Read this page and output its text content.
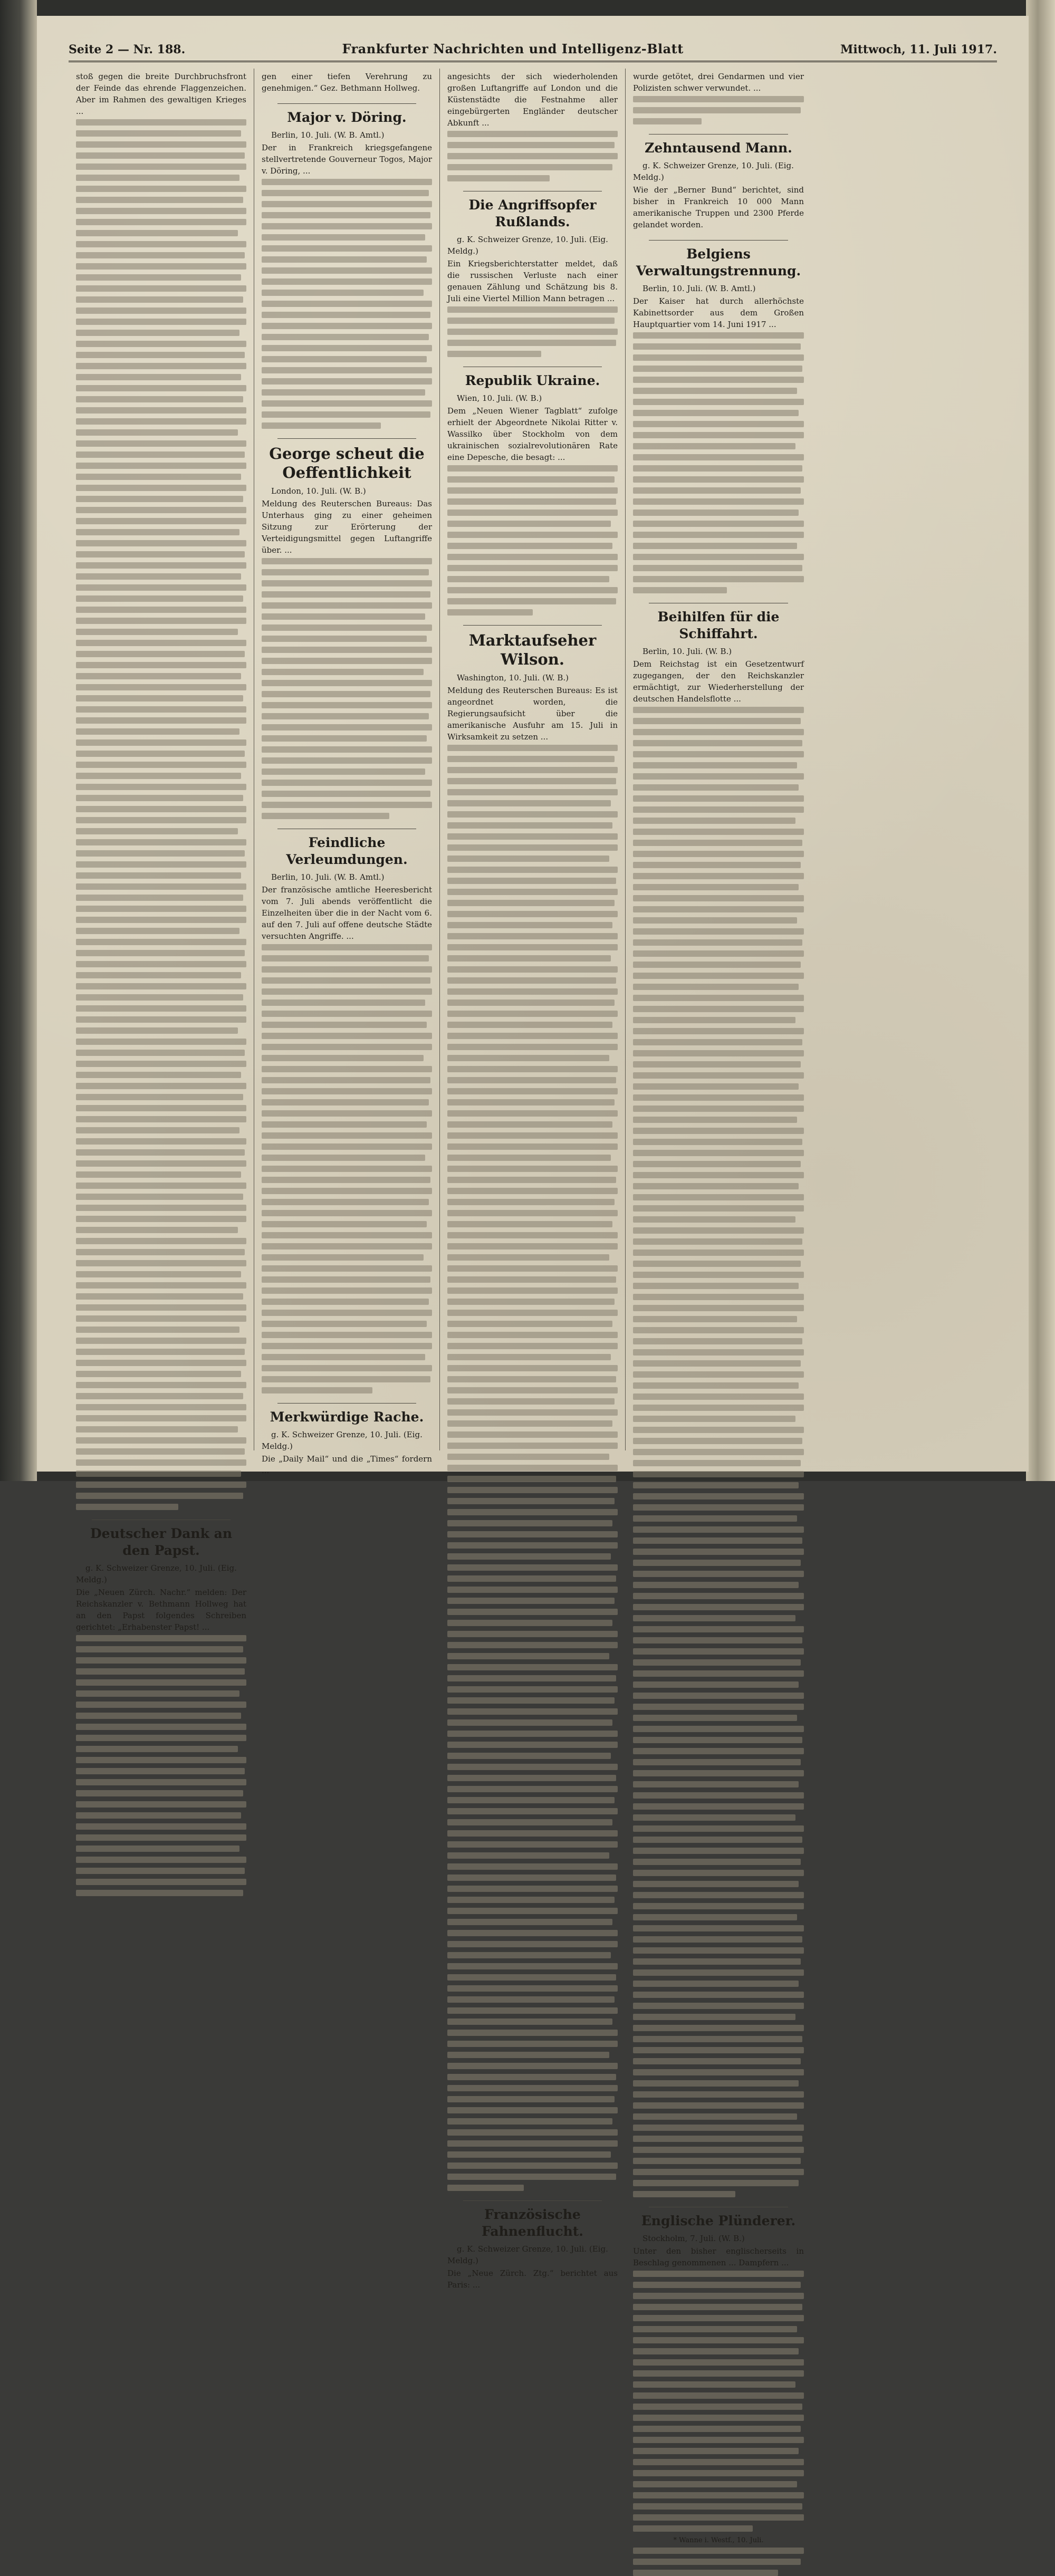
Seite 2 — Nr. 188.	Frankfurter Nachrichten und Intelligenz-Blatt	Mittwoch, 11. Juli 1917.

stoß gegen die breite Durchbruchsfront der Feinde das ehrende Flaggenzeichen. Aber im Rahmen des gewaltigen Krieges ...

Deutscher Dank an den Papst.

g. K. Schweizer Grenze, 10. Juli. (Eig. Meldg.)

Die „Neuen Zürch. Nachr.“ melden: Der Reichskanzler v. Bethmann Hollweg hat an den Papst folgendes Schreiben gerichtet: „Erhabenster Papst! ...

gen einer tiefen Verehrung zu genehmigen.“ Gez. Bethmann Hollweg.

Major v. Döring.

Berlin, 10. Juli. (W. B. Amtl.)

Der in Frankreich kriegsgefangene stellvertretende Gouverneur Togos, Major v. Döring, ...

George scheut die Oeffentlichkeit

London, 10. Juli. (W. B.)

Meldung des Reuterschen Bureaus: Das Unterhaus ging zu einer geheimen Sitzung zur Erörterung der Verteidigungsmittel gegen Luftangriffe über. ...

Feindliche Verleumdungen.

Berlin, 10. Juli. (W. B. Amtl.)

Der französische amtliche Heeresbericht vom 7. Juli abends veröffentlicht die Einzelheiten über die in der Nacht vom 6. auf den 7. Juli auf offene deutsche Städte versuchten Angriffe. ...

Merkwürdige Rache.

g. K. Schweizer Grenze, 10. Juli. (Eig. Meldg.)

Die „Daily Mail“ und die „Times“ fordern ...

angesichts der sich wiederholenden großen Luftangriffe auf London und die Küstenstädte die Festnahme aller eingebürgerten Engländer deutscher Abkunft ...

Die Angriffsopfer Rußlands.

g. K. Schweizer Grenze, 10. Juli. (Eig. Meldg.)

Ein Kriegsberichterstatter meldet, daß die russischen Verluste nach einer genauen Zählung und Schätzung bis 8. Juli eine Viertel Million Mann betragen ...

Republik Ukraine.

Wien, 10. Juli. (W. B.)

Dem „Neuen Wiener Tagblatt“ zufolge erhielt der Abgeordnete Nikolai Ritter v. Wassilko über Stockholm von dem ukrainischen sozialrevolutionären Rate eine Depesche, die besagt: ...

Marktaufseher Wilson.

Washington, 10. Juli. (W. B.)

Meldung des Reuterschen Bureaus: Es ist angeordnet worden, die Regierungsaufsicht über die amerikanische Ausfuhr am 15. Juli in Wirksamkeit zu setzen ...

Französische Fahnenflucht.

g. K. Schweizer Grenze, 10. Juli. (Eig. Meldg.)

Die „Neue Zürch. Ztg.“ berichtet aus Paris: ...

wurde getötet, drei Gendarmen und vier Polizisten schwer verwundet. ...

Zehntausend Mann.

g. K. Schweizer Grenze, 10. Juli. (Eig. Meldg.)

Wie der „Berner Bund“ berichtet, sind bisher in Frankreich 10 000 Mann amerikanische Truppen und 2300 Pferde gelandet worden.

Belgiens Verwaltungstrennung.

Berlin, 10. Juli. (W. B. Amtl.)

Der Kaiser hat durch allerhöchste Kabinettsorder aus dem Großen Hauptquartier vom 14. Juni 1917 ...

Beihilfen für die Schiffahrt.

Berlin, 10. Juli. (W. B.)

Dem Reichstag ist ein Gesetzentwurf zugegangen, der den Reichskanzler ermächtigt, zur Wiederherstellung der deutschen Handelsflotte ...

Englische Plünderer.

Stockholm, 7. Juli. (W. B.)

Unter den bisher englischerseits in Beschlag genommenen ... Dampfern ...

* Wanne i. Westf., 10. Juli.
